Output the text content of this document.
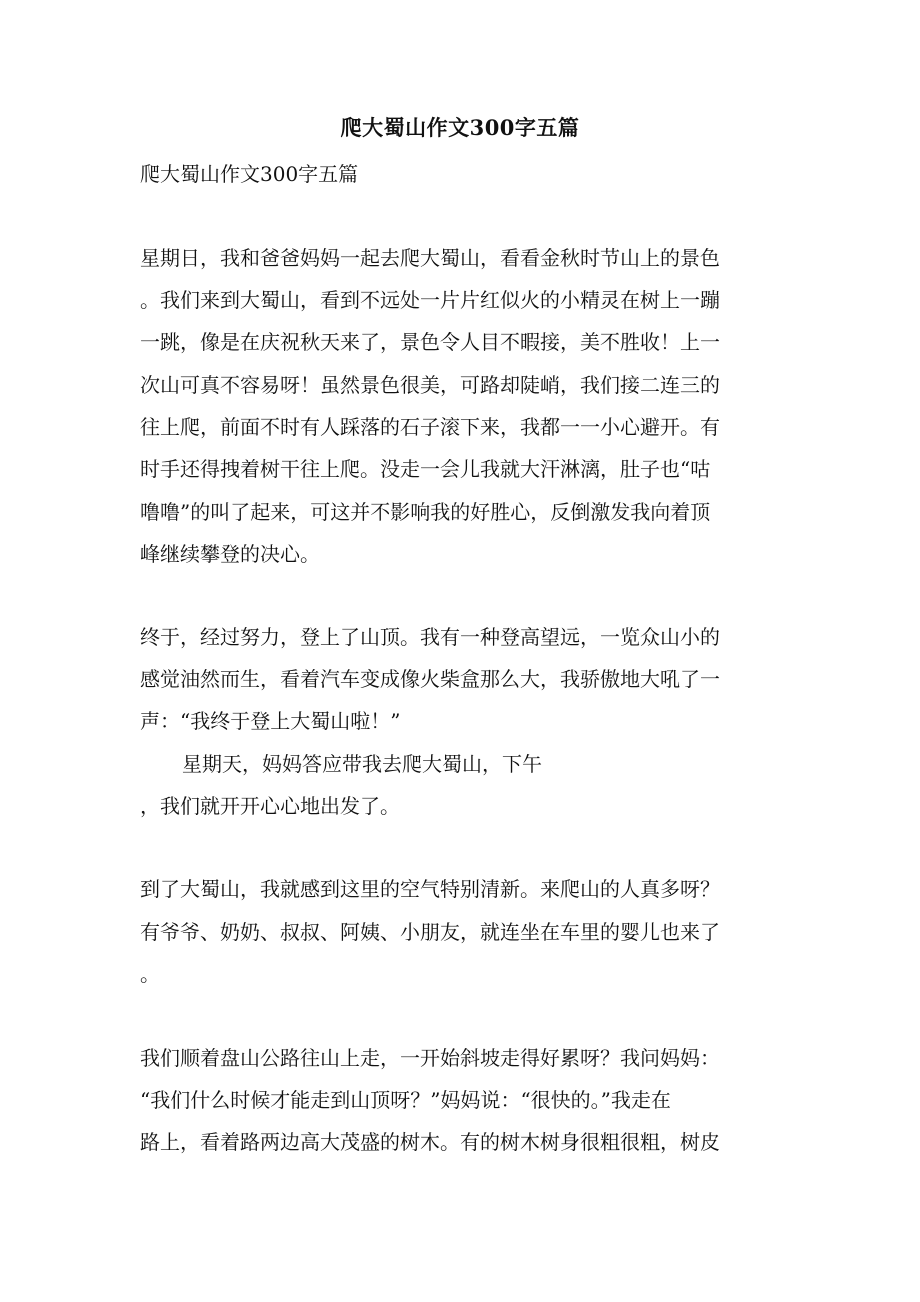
爬大蜀山作文300字五篇
爬大蜀山作文300字五篇
星期日，我和爸爸妈妈一起去爬大蜀山，看看金秋时节山上的景色
。我们来到大蜀山，看到不远处一片片红似火的小精灵在树上一蹦
一跳，像是在庆祝秋天来了，景色令人目不暇接，美不胜收！上一
次山可真不容易呀！虽然景色很美，可路却陡峭，我们接二连三的
往上爬，前面不时有人踩落的石子滚下来，我都一一小心避开。有
时手还得拽着树干往上爬。没走一会儿我就大汗淋漓，肚子也“咕
噜噜”的叫了起来，可这并不影响我的好胜心，反倒激发我向着顶
峰继续攀登的决心。
终于，经过努力，登上了山顶。我有一种登高望远，一览众山小的
感觉油然而生，看着汽车变成像火柴盒那么大，我骄傲地大吼了一
声：“我终于登上大蜀山啦！”
星期天，妈妈答应带我去爬大蜀山，下午
，我们就开开心心地出发了。
到了大蜀山，我就感到这里的空气特别清新。来爬山的人真多呀？
有爷爷、奶奶、叔叔、阿姨、小朋友，就连坐在车里的婴儿也来了
。
我们顺着盘山公路往山上走，一开始斜坡走得好累呀？我问妈妈：
“我们什么时候才能走到山顶呀？”妈妈说：“很快的。”我走在
路上，看着路两边高大茂盛的树木。有的树木树身很粗很粗，树皮
